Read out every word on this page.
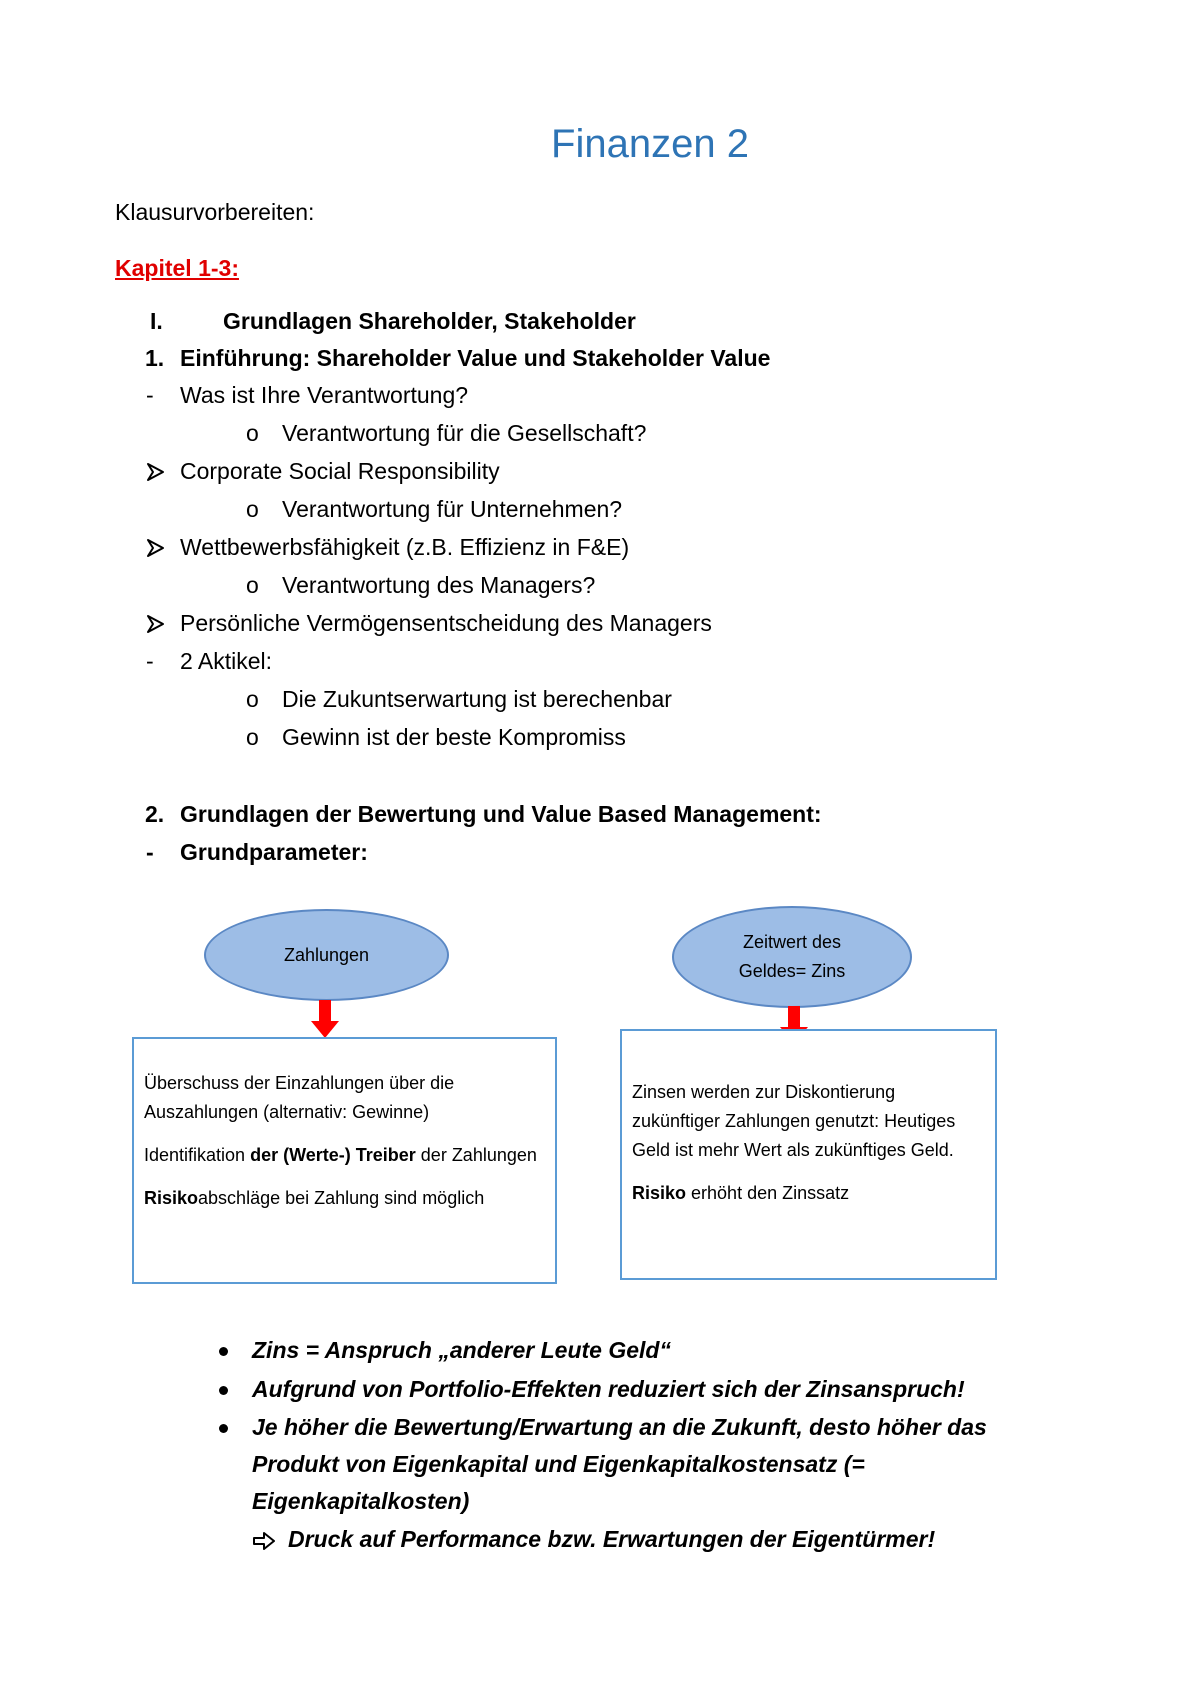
Finanzen 2
Klausurvorbereiten:
Kapitel 1-3:
I.	Grundlagen Shareholder, Stakeholder
1. Einführung: Shareholder Value und Stakeholder Value
- Was ist Ihre Verantwortung?
o Verantwortung für die Gesellschaft?
Corporate Social Responsibility
o Verantwortung für Unternehmen?
Wettbewerbsfähigkeit (z.B. Effizienz in F&E)
o Verantwortung des Managers?
Persönliche Vermögensentscheidung des Managers
- 2 Aktikel:
o Die Zukuntserwartung ist berechenbar
o Gewinn ist der beste Kompromiss
2. Grundlagen der Bewertung und Value Based Management:
- Grundparameter:
Zahlungen

Überschuss der Einzahlungen über die Auszahlungen (alternativ: Gewinne)

Identifikation der (Werte-) Treiber der Zahlungen

Risikoabschläge bei Zahlung sind möglich

Zeitwert des
Geldes= Zins

Zinsen werden zur Diskontierung zukünftiger Zahlungen genutzt: Heutiges Geld ist mehr Wert als zukünftiges Geld.

Risiko erhöht den Zinssatz

Zins = Anspruch „anderer Leute Geld“
Aufgrund von Portfolio-Effekten reduziert sich der Zinsanspruch!
Je höher die Bewertung/Erwartung an die Zukunft, desto höher das
Produkt von Eigenkapital und Eigenkapitalkostensatz (=
Eigenkapitalkosten)
Druck auf Performance bzw. Erwartungen der Eigentürmer!
